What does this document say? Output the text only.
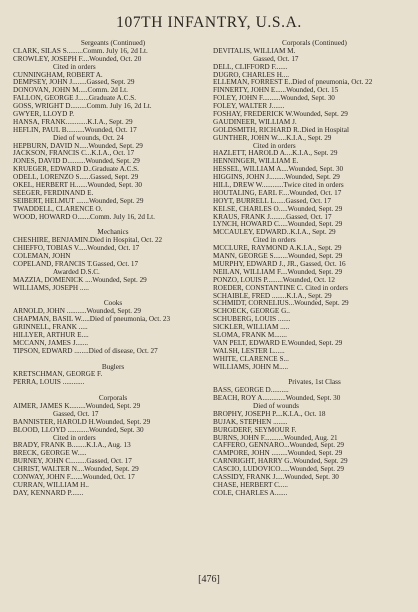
107TH INFANTRY, U.S.A.
Sergeants (Continued)
CLARK, SILAS S.........Comm. July 16, 2d Lt.
CROWLEY, JOSEPH F....Wounded, Oct. 20
Cited in orders
CUNNINGHAM, ROBERT A.
DEMPSEY, JOHN J........Gassed, Sept. 29
DONOVAN, JOHN M.....Comm. 2d Lt.
FALLON, GEORGE J......Graduate A.C.S.
GOSS, WRIGHT D.........Comm. July 16, 2d Lt.
GWYER, LLOYD P.
HANSA, FRANK............K.I.A., Sept. 29
HEFLIN, PAUL B..........Wounded, Oct. 17
Died of wounds, Oct. 24
HEPBURN, DAVID N.....Wounded, Sept. 29
JACKSON, FRANCIS C...K.I.A., Oct. 17
JONES, DAVID D..........Wounded, Sept. 29
KRUEGER, EDWARD D..Graduate A.C.S.
ODELL, LORENZO S......Gassed, Sept. 29
OKEL, HERBERT H.......Wounded, Sept. 30
SEEGER, FERDINAND E.
SEIBERT, HELMUT .......Wounded, Sept. 29
TWADDELL, CLARENCE O.
WOOD, HOWARD O.......Comm. July 16, 2d Lt.
Mechanics
CHESHIRE, BENJAMIN.Died in Hospital, Oct. 22
CHIEFFO, TOBIAS V.....Wounded, Oct. 17
COLEMAN, JOHN
COPELAND, FRANCIS T.Gassed, Oct. 17
Awarded D.S.C.
MAZZIA, DOMENICK ....Wounded, Sept. 29
WILLIAMS, JOSEPH .....
Cooks
ARNOLD, JOHN ...........Wounded, Sept. 29
CHAPMAN, BASIL W.....Died of pneumonia, Oct. 23
GRINNELL, FRANK .....
HILLYER, ARTHUR E....
MCCANN, JAMES J.......
TIPSON, EDWARD ........Died of disease, Oct. 27
Buglers
KRETSCHMAN, GEORGE F.
PERRA, LOUIS ............
Corporals
AIMER, JAMES K.........Wounded, Sept. 29
Gassed, Oct. 17
BANNISTER, HAROLD H.Wounded, Sept. 29
BLOOD, LLOYD ............Wounded, Sept. 30
Cited in orders
BRADY, FRANK B........K.I.A., Aug. 13
BRECK, GEORGE W.....
BURNEY, JOHN C.........Gassed, Oct. 17
CHRIST, WALTER N....Wounded, Sept. 29
CONWAY, JOHN F.......Wounded, Oct. 17
CURRAN, WILLIAM H..
DAY, KENNARD P.......
Corporals (Continued)
DEVITALIS, WILLIAM M.
Gassed, Oct. 17
DELL, CLIFFORD F.......
DUGRO, CHARLES H....
ELLEMAN, FORREST E..Died of pneumonia, Oct. 22
FINNERTY, JOHN E......Wounded, Oct. 15
FOLEY, JOHN F..........Wounded, Sept. 30
FOLEY, WALTER J.......
FOSHAY, FREDERICK W.Wounded, Sept. 29
GAUDINEER, WILLIAM J.
GOLDSMITH, RICHARD R..Died in Hospital
GUNTHER, JOHN W.....K.I.A., Sept. 29
Cited in orders
HAZLETT, HAROLD A....K.I.A., Sept. 29
HENNINGER, WILLIAM E.
HESSEL, WILLIAM A....Wounded, Sept. 30
HIGGINS, JOHN J.........Wounded, Sept. 29
HILL, DREW W............Twice cited in orders
HOUTALING, EARL F....Wounded, Oct. 17
HOYT, BURRELL L......Gassed, Oct. 17
KELSE, CHARLES O.....Wounded, Sept. 29
KRAUS, FRANK J.........Gassed, Oct. 17
LYNCH, HOWARD C.....Wounded, Sept. 29
MCCAULEY, EDWARD..K.I.A., Sept. 29
Cited in orders
MCCLURE, RAYMOND A.K.I.A., Sept. 29
MANN, GEORGE S........Wounded, Sept. 29
MURPHY, EDWARD J., JR., Gassed, Oct. 16
NEILAN, WILLIAM F....Wounded, Sept. 29
PONZO, LOUIS P.........Wounded, Oct. 12
ROEDER, CONSTANTINE C. Cited in orders
SCHAIBLE, FRED ........K.I.A., Sept. 29
SCHMIDT, CORNELIUS...Wounded, Sept. 29
SCHOECK, GEORGE G..
SCHUBERG, LOUIS .......
SICKLER, WILLIAM .....
SLOMA, FRANK M.......
VAN PELT, EDWARD E.Wounded, Sept. 29
WALSH, LESTER L......
WHITE, CLARENCE S...
WILLIAMS, JOHN M.....
Privates, 1st Class
BASS, GEORGE D..........
BEACH, ROY A.............Wounded, Sept. 30
Died of wounds
BROPHY, JOSEPH P....K.I.A., Oct. 18
BUJAK, STEPHEN ........
BURGDERF, SEYMOUR F.
BURNS, JOHN F...........Wounded, Aug. 21
CAFFERO, GENNARO...Wounded, Sept. 29
CAMPORE, JOHN .........Wounded, Sept. 29
CARNRIGHT, HARRY G..Wounded, Sept. 29
CASCIO, LUDOVICO.....Wounded, Sept. 29
CASSIDY, FRANK J.....Wounded, Sept. 30
CHASE, HERBERT C.....
COLE, CHARLES A.......
[476]
